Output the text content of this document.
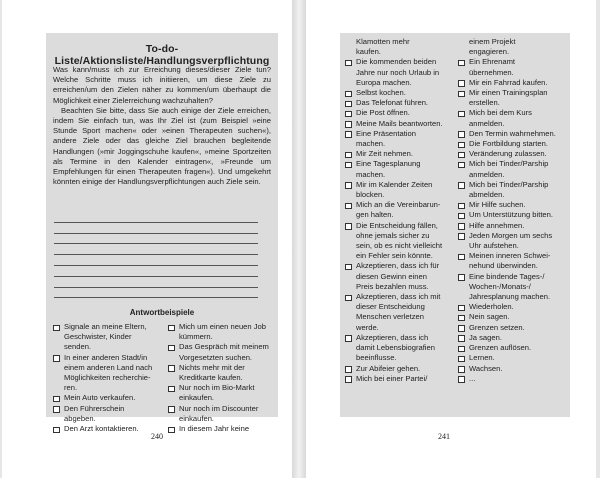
To-do-Liste/Aktionsliste/Handlungsverpflichtung

Was kann/muss ich zur Erreichung dieses/dieser Ziele tun? Welche Schritte muss ich initiieren, um diese Ziele zu erreichen/um den Zielen näher zu kommen/um überhaupt die Möglichkeit einer Zielerreichung wachzuhalten?

Beachten Sie bitte, dass Sie auch einige der Ziele erreichen, indem Sie einfach tun, was Ihr Ziel ist (zum Beispiel »eine Stunde Sport machen« oder »einen Therapeuten suchen«), andere Ziele oder das gleiche Ziel brauchen begleitende Handlungen (»mir Joggingschuhe kaufen«, »meine Sportzeiten als Termine in den Kalender eintragen«, »Freunde um Empfehlungen für einen Therapeuten fragen«). Und umgekehrt könnten einige der Handlungsverpflichtungen auch Ziele sein.

Antwortbeispiele
Signale an meine Eltern,
Geschwister, Kinder
senden.
In einer anderen Stadt/in
einem anderen Land nach
Möglichkeiten recherchie-
ren.
Mein Auto verkaufen.
Den Führerschein
abgeben.
Den Arzt kontaktieren.
Mich um einen neuen Job
kümmern.
Das Gespräch mit meinem
Vorgesetzten suchen.
Nichts mehr mit der
Kreditkarte kaufen.
Nur noch im Bio-Markt
einkaufen.
Nur noch im Discounter
einkaufen.
In diesem Jahr keine
240
Klamotten mehr
kaufen.
Die kommenden beiden
Jahre nur noch Urlaub in
Europa machen.
Selbst kochen.
Das Telefonat führen.
Die Post öffnen.
Meine Mails beantworten.
Eine Präsentation
machen.
Mir Zeit nehmen.
Eine Tagesplanung
machen.
Mir im Kalender Zeiten
blocken.
Mich an die Vereinbarun-
gen halten.
Die Entscheidung fällen,
ohne jemals sicher zu
sein, ob es nicht vielleicht
ein Fehler sein könnte.
Akzeptieren, dass ich für
diesen Gewinn einen
Preis bezahlen muss.
Akzeptieren, dass ich mit
dieser Entscheidung
Menschen verletzen
werde.
Akzeptieren, dass ich
damit Lebensbiografien
beeinflusse.
Zur Abifeier gehen.
Mich bei einer Partei/
einem Projekt
engagieren.
Ein Ehrenamt
übernehmen.
Mir ein Fahrrad kaufen.
Mir einen Trainingsplan
erstellen.
Mich bei dem Kurs
anmelden.
Den Termin wahrnehmen.
Die Fortbildung starten.
Veränderung zulassen.
Mich bei Tinder/Parship
anmelden.
Mich bei Tinder/Parship
abmelden.
Mir Hilfe suchen.
Um Unterstützung bitten.
Hilfe annehmen.
Jeden Morgen um sechs
Uhr aufstehen.
Meinen inneren Schwei-
nehund überwinden.
Eine bindende Tages-/
Wochen-/Monats-/
Jahresplanung machen.
Wiederholen.
Nein sagen.
Grenzen setzen.
Ja sagen.
Grenzen auflösen.
Lernen.
Wachsen.
...
241
